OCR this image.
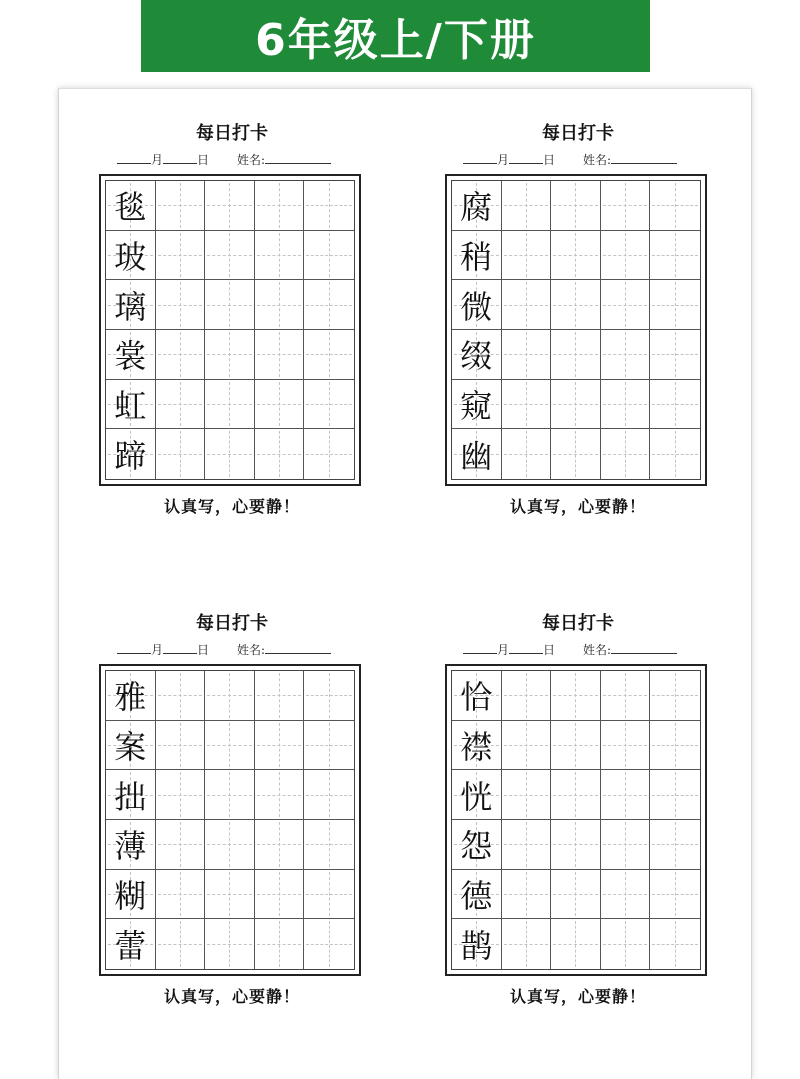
6年级上/下册
每日打卡
月	日 姓名:
毯
玻
璃
裳
虹
蹄
认真写，心要静！
每日打卡
月	日 姓名:
腐
稍
微
缀
窥
幽
认真写，心要静！
每日打卡
月	日 姓名:
雅
案
拙
薄
糊
蕾
认真写，心要静！
每日打卡
月	日 姓名:
恰
襟
恍
怨
德
鹊
认真写，心要静！
